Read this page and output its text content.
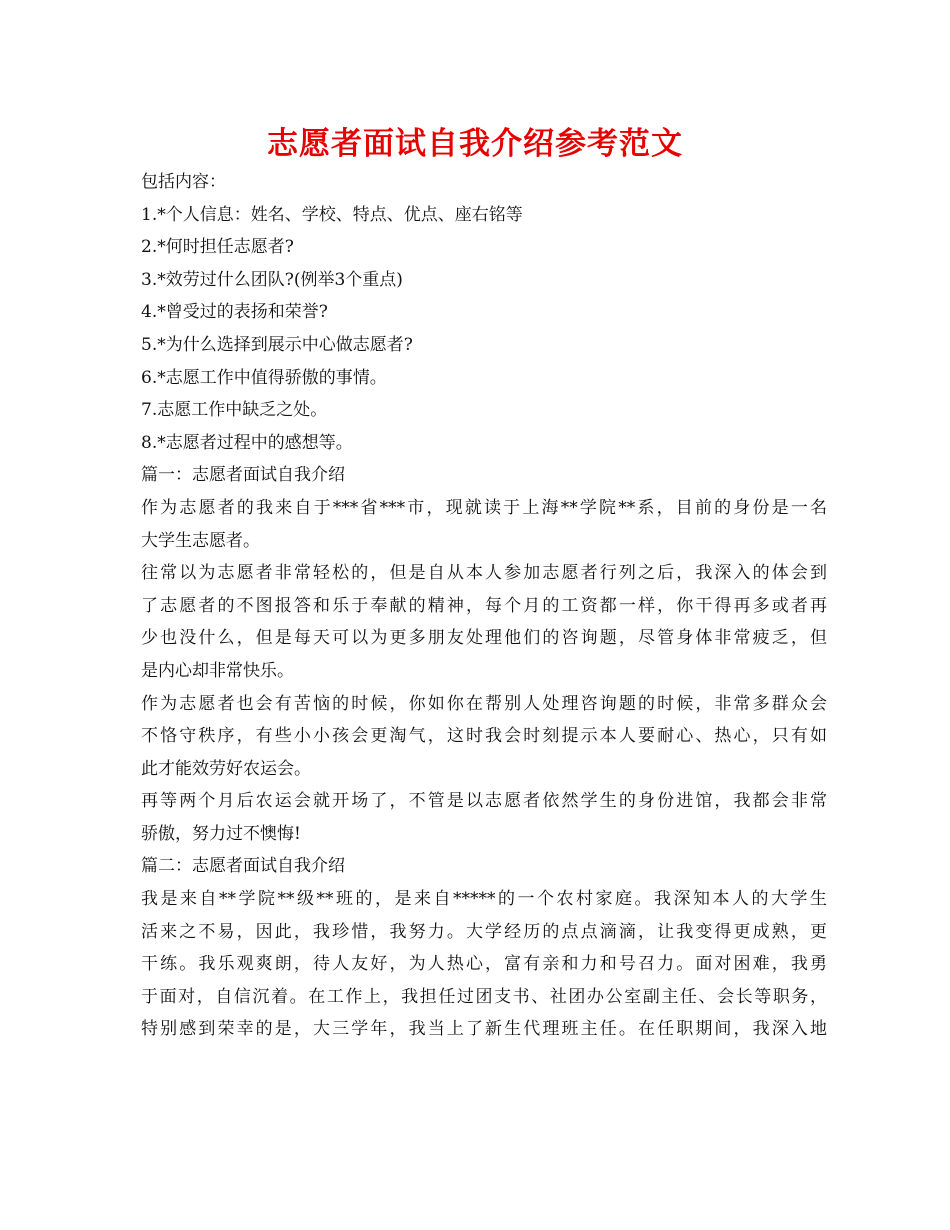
志愿者面试自我介绍参考范文
包括内容：
1.*个人信息：姓名、学校、特点、优点、座右铭等
2.*何时担任志愿者?
3.*效劳过什么团队?(例举3个重点)
4.*曾受过的表扬和荣誉?
5.*为什么选择到展示中心做志愿者?
6.*志愿工作中值得骄傲的事情。
7.志愿工作中缺乏之处。
8.*志愿者过程中的感想等。
篇一：志愿者面试自我介绍
作为志愿者的我来自于***省***市，现就读于上海**学院**系，目前的身份是一名
大学生志愿者。
往常以为志愿者非常轻松的，但是自从本人参加志愿者行列之后，我深入的体会到
了志愿者的不图报答和乐于奉献的精神，每个月的工资都一样，你干得再多或者再
少也没什么，但是每天可以为更多朋友处理他们的咨询题，尽管身体非常疲乏，但
是内心却非常快乐。
作为志愿者也会有苦恼的时候，你如你在帮别人处理咨询题的时候，非常多群众会
不恪守秩序，有些小小孩会更淘气，这时我会时刻提示本人要耐心、热心，只有如
此才能效劳好农运会。
再等两个月后农运会就开场了，不管是以志愿者依然学生的身份进馆，我都会非常
骄傲，努力过不懊悔!
篇二：志愿者面试自我介绍
我是来自**学院**级**班的，是来自*****的一个农村家庭。我深知本人的大学生
活来之不易，因此，我珍惜，我努力。大学经历的点点滴滴，让我变得更成熟，更
干练。我乐观爽朗，待人友好，为人热心，富有亲和力和号召力。面对困难，我勇
于面对，自信沉着。在工作上，我担任过团支书、社团办公室副主任、会长等职务，
特别感到荣幸的是，大三学年，我当上了新生代理班主任。在任职期间，我深入地
